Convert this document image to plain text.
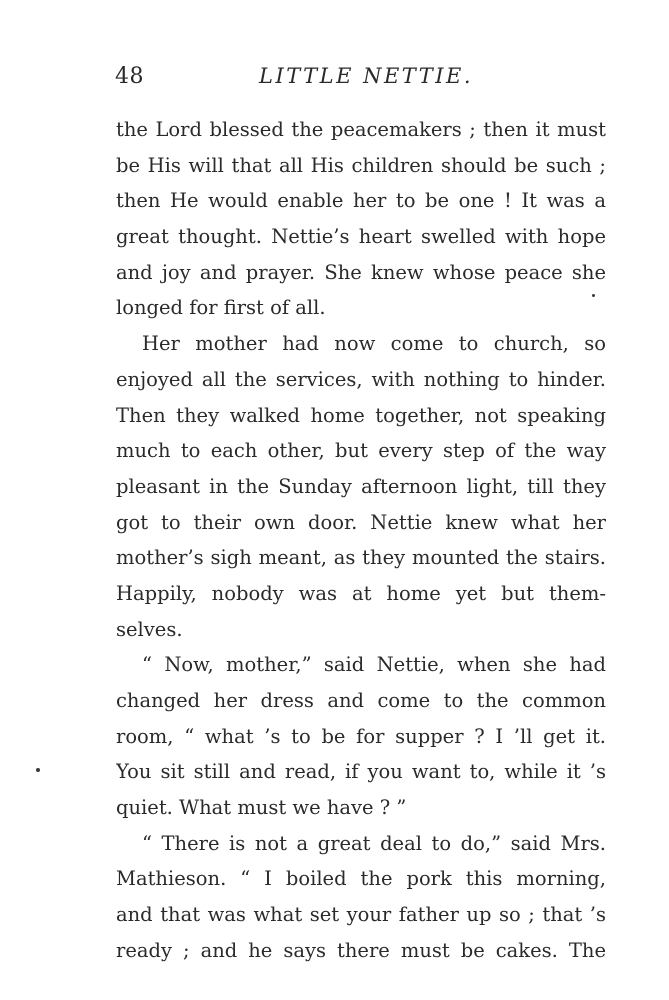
48	LITTLE NETTIE.
the Lord blessed the peacemakers ; then it must
be His will that all His children should be such ;
then He would enable her to be one ! It was a
great thought. Nettie’s heart swelled with hope
and joy and prayer. She knew whose peace she
longed for first of all.
Her mother had now come to church, so
enjoyed all the services, with nothing to hinder.
Then they walked home together, not speaking
much to each other, but every step of the way
pleasant in the Sunday afternoon light, till they
got to their own door. Nettie knew what her
mother’s sigh meant, as they mounted the stairs.
Happily, nobody was at home yet but them-
selves.
“ Now, mother,” said Nettie, when she had
changed her dress and come to the common
room, “ what ’s to be for supper ? I ’ll get it.
You sit still and read, if you want to, while it ’s
quiet. What must we have ? ”
“ There is not a great deal to do,” said Mrs.
Mathieson. “ I boiled the pork this morning,
and that was what set your father up so ; that ’s
ready ; and he says there must be cakes. The
